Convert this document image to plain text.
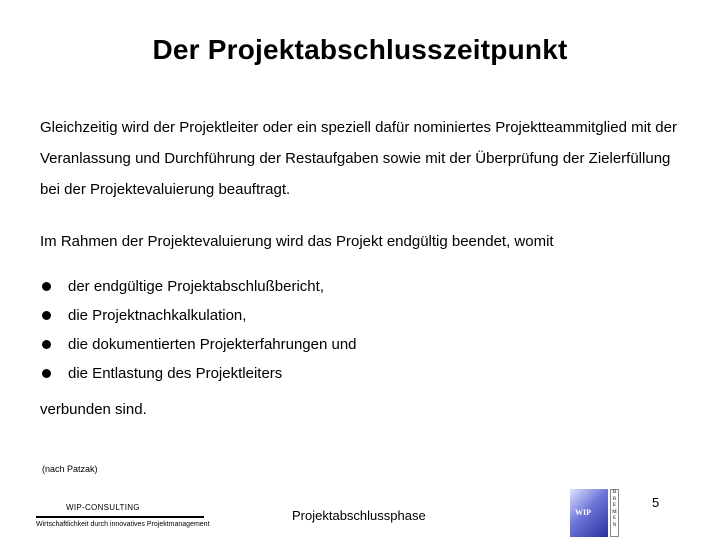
Der Projektabschlusszeitpunkt
Gleichzeitig wird der Projektleiter oder ein speziell dafür nominiertes Projektteammitglied mit der Veranlassung und Durchführung der Restaufgaben sowie mit der Überprüfung der Zielerfüllung bei der Projektevaluierung beauftragt.
Im Rahmen der Projektevaluierung wird das Projekt endgültig beendet, womit
der endgültige Projektabschlußbericht,
die Projektnachkalkulation,
die dokumentierten Projekterfahrungen und
die Entlastung des Projektleiters
verbunden sind.
(nach Patzak)
WIP-CONSULTING
Wirtschaftlichkeit durch innovatives Projektmanagement
Projektabschlussphase	WIP
B
R
E
M
E
N
5
